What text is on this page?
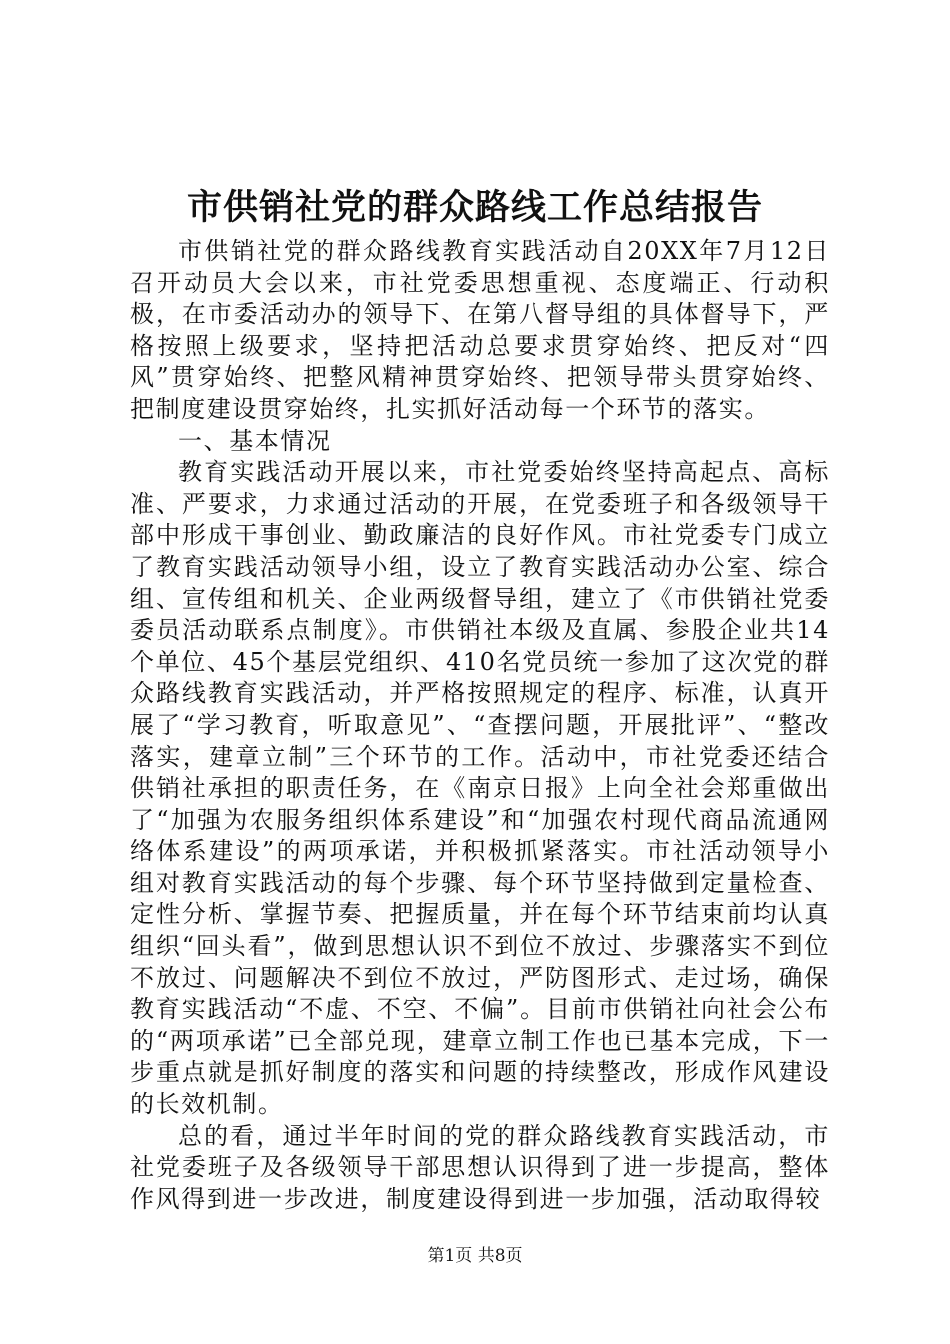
市供销社党的群众路线工作总结报告

市供销社党的群众路线教育实践活动自20XX年7月12日召开动员大会以来，市社党委思想重视、态度端正、行动积极，在市委活动办的领导下、在第八督导组的具体督导下，严格按照上级要求，坚持把活动总要求贯穿始终、把反对“四风”贯穿始终、把整风精神贯穿始终、把领导带头贯穿始终、把制度建设贯穿始终，扎实抓好活动每一个环节的落实。

一、基本情况

教育实践活动开展以来，市社党委始终坚持高起点、高标准、严要求，力求通过活动的开展，在党委班子和各级领导干部中形成干事创业、勤政廉洁的良好作风。市社党委专门成立了教育实践活动领导小组，设立了教育实践活动办公室、综合组、宣传组和机关、企业两级督导组，建立了《市供销社党委委员活动联系点制度》。市供销社本级及直属、参股企业共14个单位、45个基层党组织、410名党员统一参加了这次党的群众路线教育实践活动，并严格按照规定的程序、标准，认真开展了“学习教育，听取意见”、“查摆问题，开展批评”、“整改落实，建章立制”三个环节的工作。活动中，市社党委还结合供销社承担的职责任务，在《南京日报》上向全社会郑重做出了“加强为农服务组织体系建设”和“加强农村现代商品流通网络体系建设”的两项承诺，并积极抓紧落实。市社活动领导小组对教育实践活动的每个步骤、每个环节坚持做到定量检查、定性分析、掌握节奏、把握质量，并在每个环节结束前均认真组织“回头看”，做到思想认识不到位不放过、步骤落实不到位不放过、问题解决不到位不放过，严防图形式、走过场，确保教育实践活动“不虚、不空、不偏”。目前市供销社向社会公布的“两项承诺”已全部兑现，建章立制工作也已基本完成，下一步重点就是抓好制度的落实和问题的持续整改，形成作风建设的长效机制。

总的看，通过半年时间的党的群众路线教育实践活动，市社党委班子及各级领导干部思想认识得到了进一步提高，整体作风得到进一步改进，制度建设得到进一步加强，活动取得较

第1页 共8页
